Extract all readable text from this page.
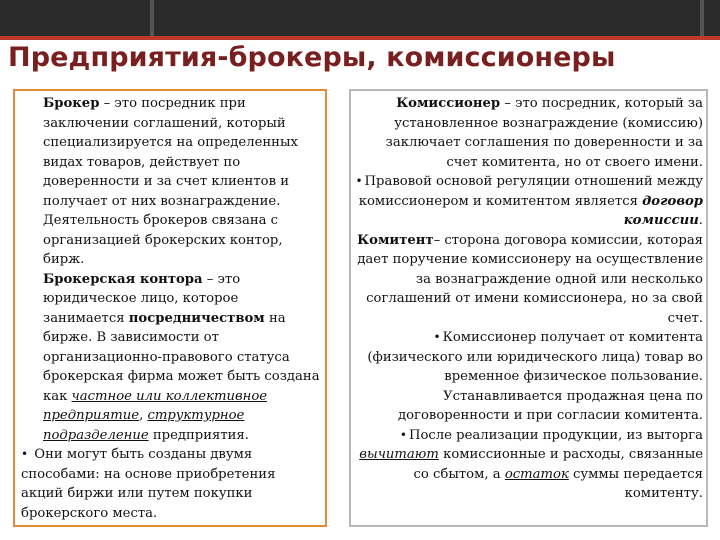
Предприятия-брокеры, комиссионеры

Брокер – это посредник при заключении соглашений, который специализируется на определенных видах товаров, действует по доверенности и за счет клиентов и получает от них вознаграждение. Деятельность брокеров связана с организацией брокерских контор, бирж.

Брокерская контора – это юридическое лицо, которое занимается посредничеством на бирже. В зависимости от организационно-правового статуса брокерская фирма может быть создана как частное или коллективное предприятие, структурное подразделение предприятия.

• Они могут быть созданы двумя способами: на основе приобретения акций биржи или путем покупки брокерского места.

Комиссионер – это посредник, который за установленное вознаграждение (комиссию) заключает соглашения по доверенности и за счет комитента, но от своего имени.

• Правовой основой регуляции отношений между комиссионером и комитентом является договор комиссии.

Комитент– сторона договора комиссии, которая дает поручение комиссионеру на осуществление за вознаграждение одной или несколько соглашений от имени комиссионера, но за свой счет.

• Комиссионер получает от комитента (физического или юридического лица) товар во временное физическое пользование. Устанавливается продажная цена по договоренности и при согласии комитента.

• После реализации продукции, из выторга вычитают комиссионные и расходы, связанные со сбытом, а остаток суммы передается комитенту.
